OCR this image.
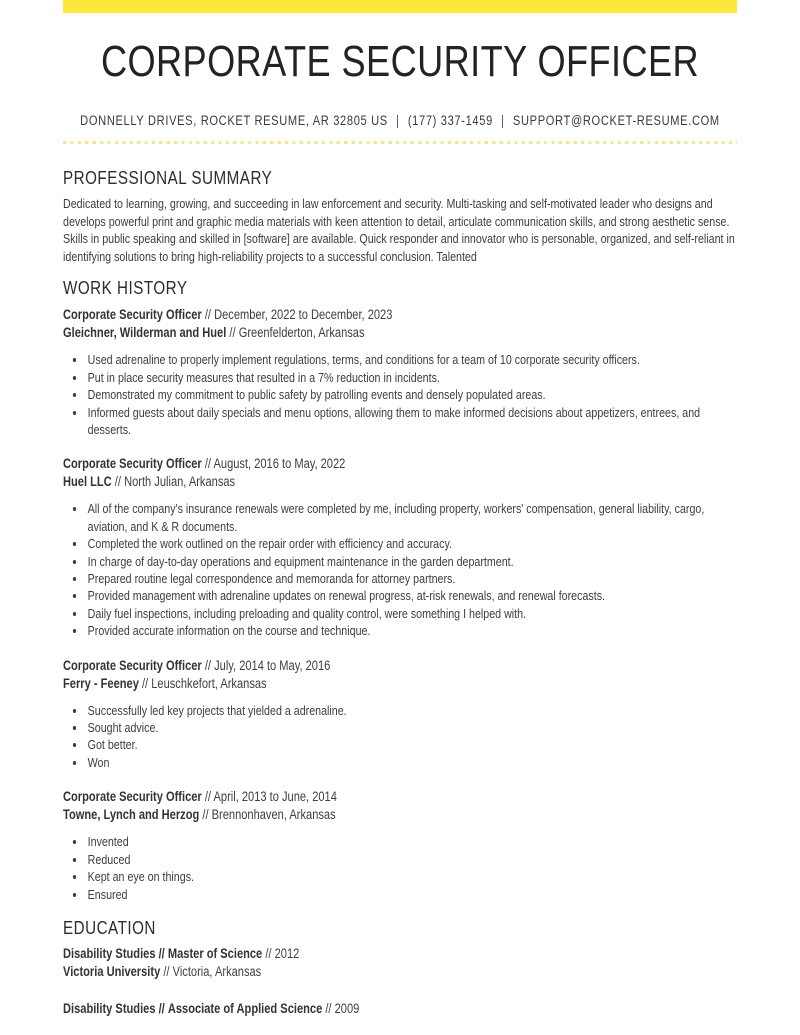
CORPORATE SECURITY OFFICER
DONNELLY DRIVES, ROCKET RESUME, AR 32805 US | (177) 337-1459 | SUPPORT@ROCKET-RESUME.COM
PROFESSIONAL SUMMARY

Dedicated to learning, growing, and succeeding in law enforcement and security. Multi-tasking and self-motivated leader who designs and develops powerful print and graphic media materials with keen attention to detail, articulate communication skills, and strong aesthetic sense. Skills in public speaking and skilled in [software] are available. Quick responder and innovator who is personable, organized, and self-reliant in identifying solutions to bring high-reliability projects to a successful conclusion. Talented

WORK HISTORY
Corporate Security Officer // December, 2022 to December, 2023
Gleichner, Wilderman and Huel // Greenfelderton, Arkansas
• Used adrenaline to properly implement regulations, terms, and conditions for a team of 10 corporate security officers.
• Put in place security measures that resulted in a 7% reduction in incidents.
• Demonstrated my commitment to public safety by patrolling events and densely populated areas.
• Informed guests about daily specials and menu options, allowing them to make informed decisions about appetizers, entrees, and desserts.
Corporate Security Officer // August, 2016 to May, 2022
Huel LLC // North Julian, Arkansas
• All of the company's insurance renewals were completed by me, including property, workers' compensation, general liability, cargo, aviation, and K & R documents.
• Completed the work outlined on the repair order with efficiency and accuracy.
• In charge of day-to-day operations and equipment maintenance in the garden department.
• Prepared routine legal correspondence and memoranda for attorney partners.
• Provided management with adrenaline updates on renewal progress, at-risk renewals, and renewal forecasts.
• Daily fuel inspections, including preloading and quality control, were something I helped with.
• Provided accurate information on the course and technique.
Corporate Security Officer // July, 2014 to May, 2016
Ferry - Feeney // Leuschkefort, Arkansas
• Successfully led key projects that yielded a adrenaline.
• Sought advice.
• Got better.
• Won
Corporate Security Officer // April, 2013 to June, 2014
Towne, Lynch and Herzog // Brennonhaven, Arkansas
• Invented
• Reduced
• Kept an eye on things.
• Ensured
EDUCATION
Disability Studies // Master of Science // 2012
Victoria University // Victoria, Arkansas
Disability Studies // Associate of Applied Science // 2009
